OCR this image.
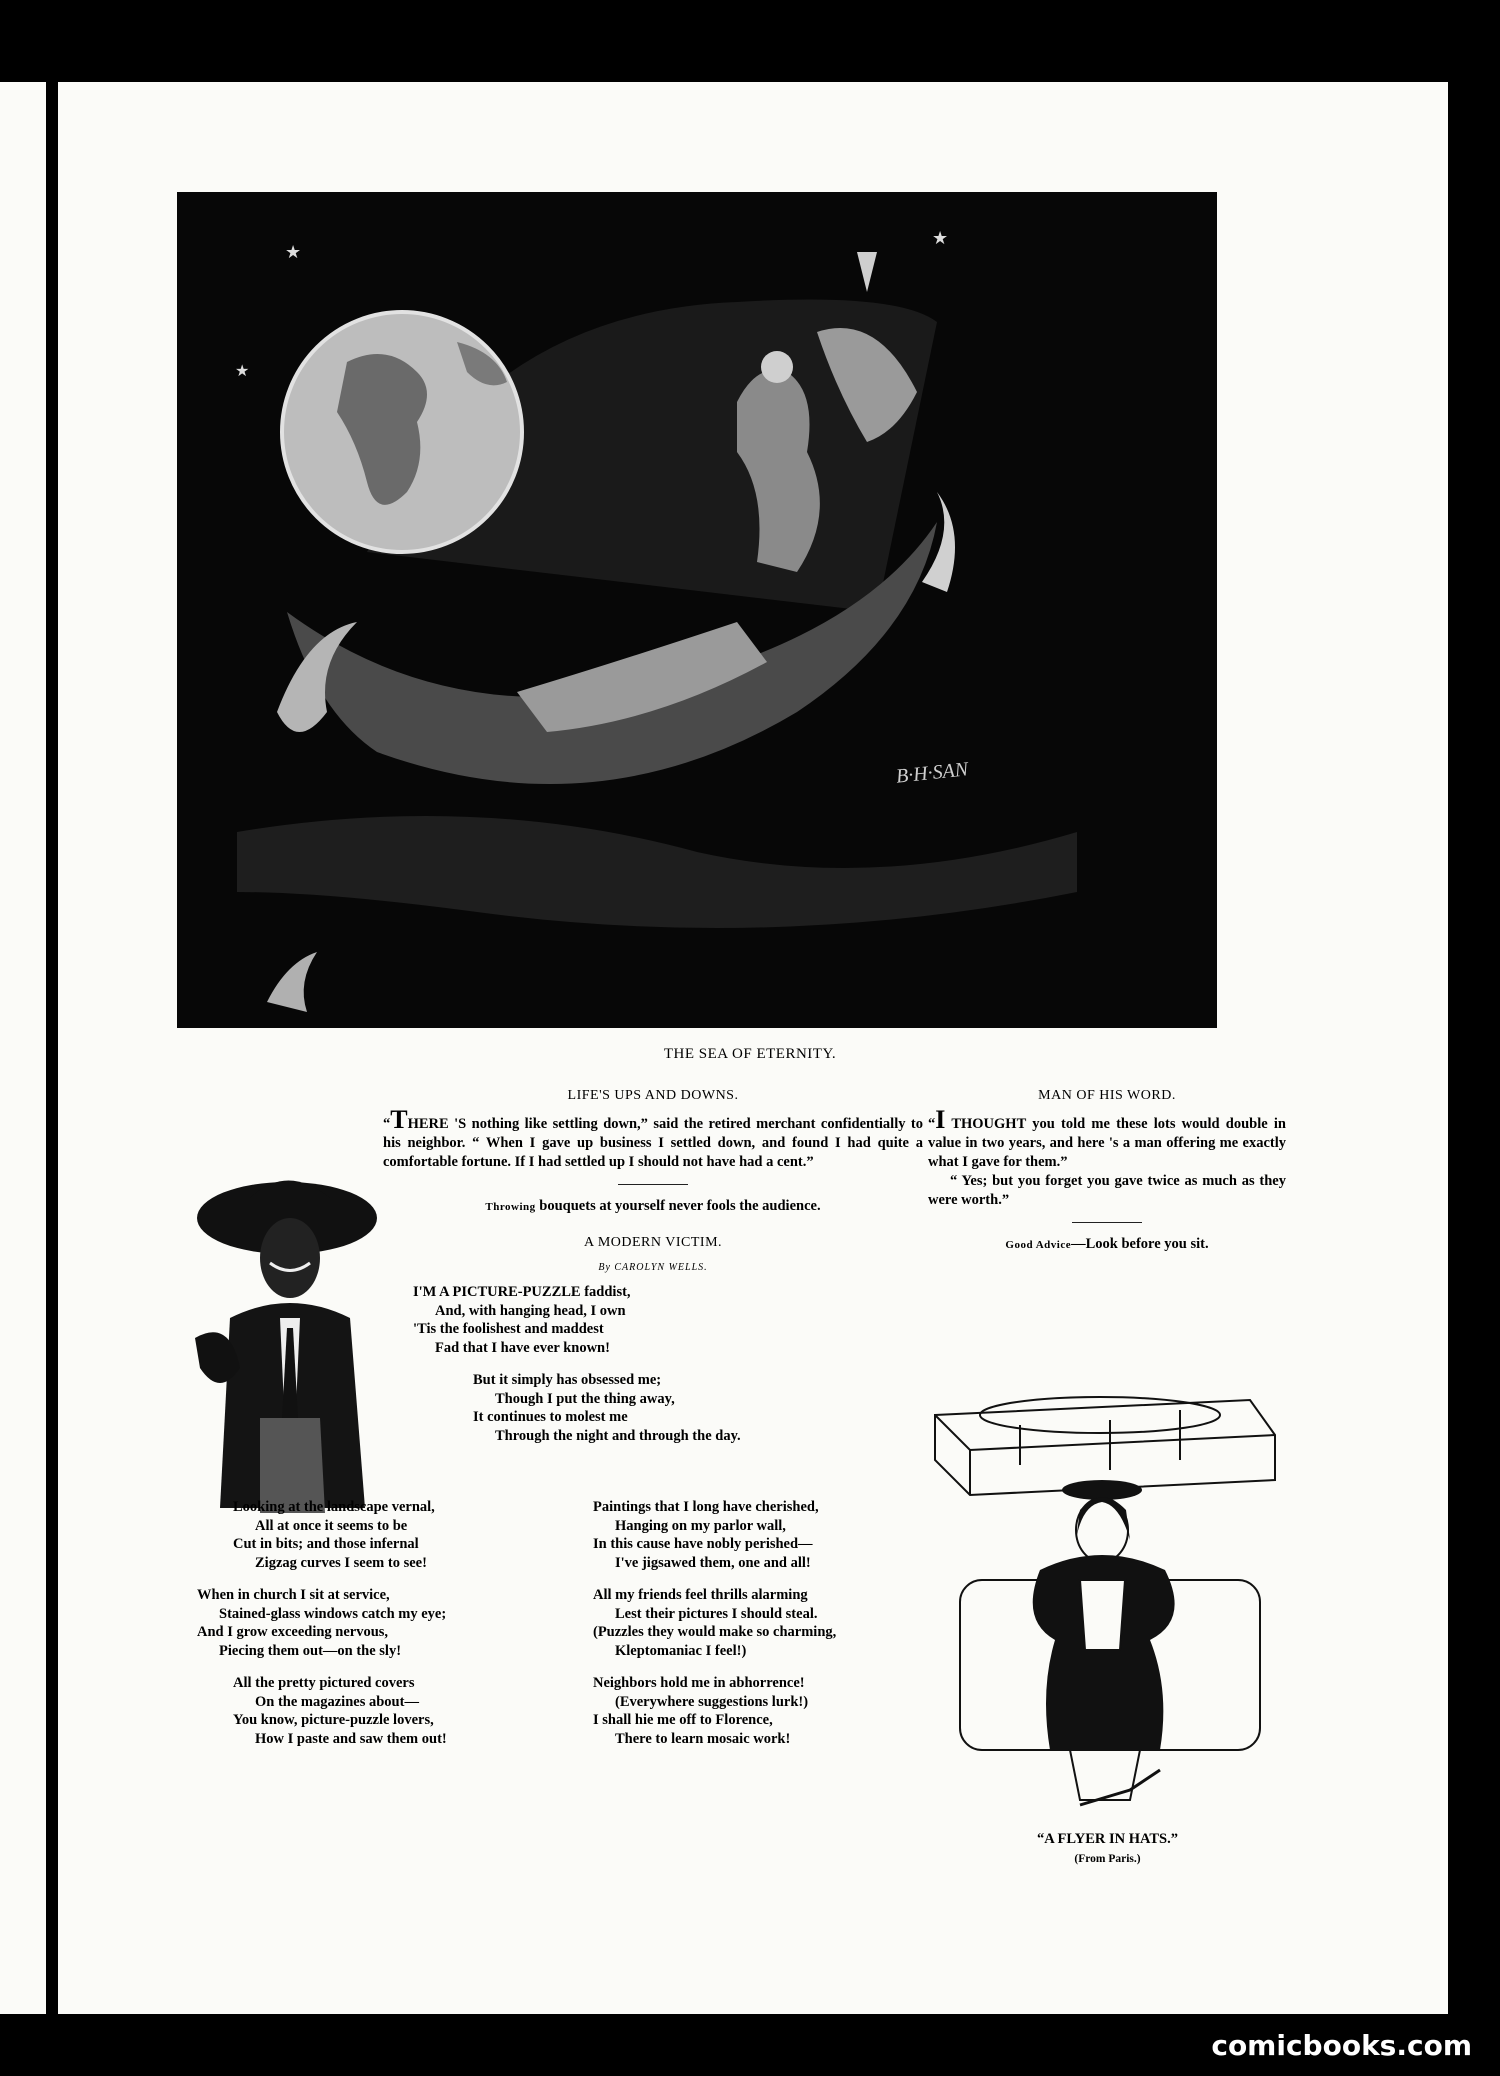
★
★
★
B·H·SAN
THE SEA OF ETERNITY.
LIFE'S UPS AND DOWNS.
“THERE 'S nothing like settling down,” said the retired merchant confidentially to his neighbor. “ When I gave up business I settled down, and found I had quite a comfortable fortune. If I had settled up I should not have had a cent.”
Throwing bouquets at yourself never fools the audience.
A MODERN VICTIM.
By CAROLYN WELLS.
I'M A PICTURE-PUZZLE faddist,
And, with hanging head, I own
'Tis the foolishest and maddest
Fad that I have ever known!
But it simply has obsessed me;
Though I put the thing away,
It continues to molest me
Through the night and through the day.
Looking at the landscape vernal,
All at once it seems to be
Cut in bits; and those infernal
Zigzag curves I seem to see!
When in church I sit at service,
Stained-glass windows catch my eye;
And I grow exceeding nervous,
Piecing them out—on the sly!
All the pretty pictured covers
On the magazines about—
You know, picture-puzzle lovers,
How I paste and saw them out!
Paintings that I long have cherished,
Hanging on my parlor wall,
In this cause have nobly perished—
I've jigsawed them, one and all!
All my friends feel thrills alarming
Lest their pictures I should steal.
(Puzzles they would make so charming,
Kleptomaniac I feel!)
Neighbors hold me in abhorrence!
(Everywhere suggestions lurk!)
I shall hie me off to Florence,
There to learn mosaic work!
MAN OF HIS WORD.
“I THOUGHT you told me these lots would double in value in two years, and here 's a man offering me exactly what I gave for them.”
“ Yes; but you forget you gave twice as much as they were worth.”
Good Advice—Look before you sit.
“A FLYER IN HATS.”
(From Paris.)
comicbooks.com
